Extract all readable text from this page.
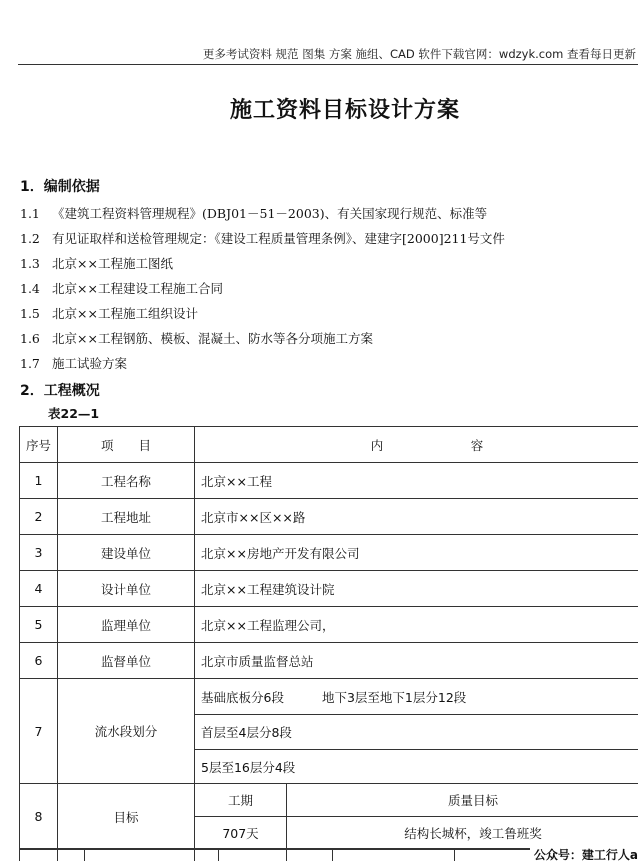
更多考试资料 规范 图集 方案 施组、CAD 软件下载官网：wdzyk.com 查看每日更新
施工资料目标设计方案
1．编制依据
1.1 《建筑工程资料管理规程》(DBJ01－51－2003)、有关国家现行规范、标准等
1.2 有见证取样和送检管理规定：《建设工程质量管理条例》、建建字[2000]211号文件
1.3 北京××工程施工图纸
1.4 北京××工程建设工程施工合同
1.5 北京××工程施工组织设计
1.6 北京××工程钢筋、模板、混凝土、防水等各分项施工方案
1.7 施工试验方案
2．工程概况
表22—1
序号	项　　目	内　　　　　　　容	
1	工程名称	北京××工程	
2	工程地址	北京市××区××路	
3	建设单位	北京××房地产开发有限公司	
4	设计单位	北京××工程建筑设计院	
5	监理单位	北京××工程监理公司，	
6	监督单位	北京市质量监督总站	
7	流水段划分	基础底板分6段 地下3层至地下1层分12段	
		首层至4层分8段	
		5层至16层分4段	
8	目标	工期	质量目标
		707天	结构长城杯，竣工鲁班奖
公众号：建工行人a
